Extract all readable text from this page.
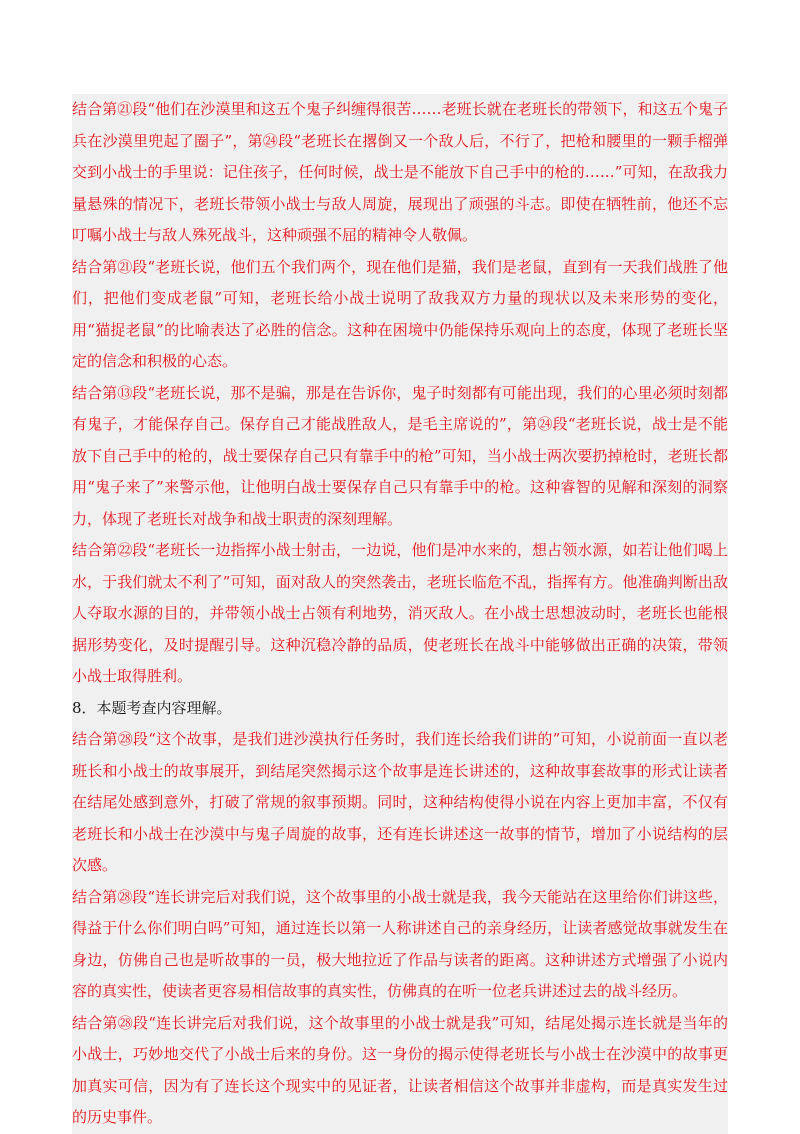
结合第㉑段“他们在沙漠里和这五个鬼子纠缠得很苦……老班长就在老班长的带领下，和这五个鬼子兵在沙漠里兜起了圈子”，第㉔段“老班长在撂倒又一个敌人后，不行了，把枪和腰里的一颗手榴弹交到小战士的手里说：记住孩子，任何时候，战士是不能放下自己手中的枪的……”可知，在敌我力量悬殊的情况下，老班长带领小战士与敌人周旋，展现出了顽强的斗志。即使在牺牲前，他还不忘叮嘱小战士与敌人殊死战斗，这种顽强不屈的精神令人敬佩。

结合第㉑段“老班长说，他们五个我们两个，现在他们是猫，我们是老鼠，直到有一天我们战胜了他们，把他们变成老鼠”可知，老班长给小战士说明了敌我双方力量的现状以及未来形势的变化，用“猫捉老鼠”的比喻表达了必胜的信念。这种在困境中仍能保持乐观向上的态度，体现了老班长坚定的信念和积极的心态。

结合第⑬段“老班长说，那不是骗，那是在告诉你，鬼子时刻都有可能出现，我们的心里必须时刻都有鬼子，才能保存自己。保存自己才能战胜敌人，是毛主席说的”，第㉔段“老班长说，战士是不能放下自己手中的枪的，战士要保存自己只有靠手中的枪”可知，当小战士两次要扔掉枪时，老班长都用“鬼子来了”来警示他，让他明白战士要保存自己只有靠手中的枪。这种睿智的见解和深刻的洞察力，体现了老班长对战争和战士职责的深刻理解。

结合第㉒段“老班长一边指挥小战士射击，一边说，他们是冲水来的，想占领水源，如若让他们喝上水，于我们就太不利了”可知，面对敌人的突然袭击，老班长临危不乱，指挥有方。他准确判断出敌人夺取水源的目的，并带领小战士占领有利地势，消灭敌人。在小战士思想波动时，老班长也能根据形势变化，及时提醒引导。这种沉稳冷静的品质，使老班长在战斗中能够做出正确的决策，带领小战士取得胜利。

8．本题考查内容理解。

结合第㉘段“这个故事，是我们进沙漠执行任务时，我们连长给我们讲的”可知，小说前面一直以老班长和小战士的故事展开，到结尾突然揭示这个故事是连长讲述的，这种故事套故事的形式让读者在结尾处感到意外，打破了常规的叙事预期。同时，这种结构使得小说在内容上更加丰富，不仅有老班长和小战士在沙漠中与鬼子周旋的故事，还有连长讲述这一故事的情节，增加了小说结构的层次感。

结合第㉘段“连长讲完后对我们说，这个故事里的小战士就是我，我今天能站在这里给你们讲这些，得益于什么你们明白吗”可知，通过连长以第一人称讲述自己的亲身经历，让读者感觉故事就发生在身边，仿佛自己也是听故事的一员，极大地拉近了作品与读者的距离。这种讲述方式增强了小说内容的真实性，使读者更容易相信故事的真实性，仿佛真的在听一位老兵讲述过去的战斗经历。

结合第㉘段“连长讲完后对我们说，这个故事里的小战士就是我”可知，结尾处揭示连长就是当年的小战士，巧妙地交代了小战士后来的身份。这一身份的揭示使得老班长与小战士在沙漠中的故事更加真实可信，因为有了连长这个现实中的见证者，让读者相信这个故事并非虚构，而是真实发生过的历史事件。
